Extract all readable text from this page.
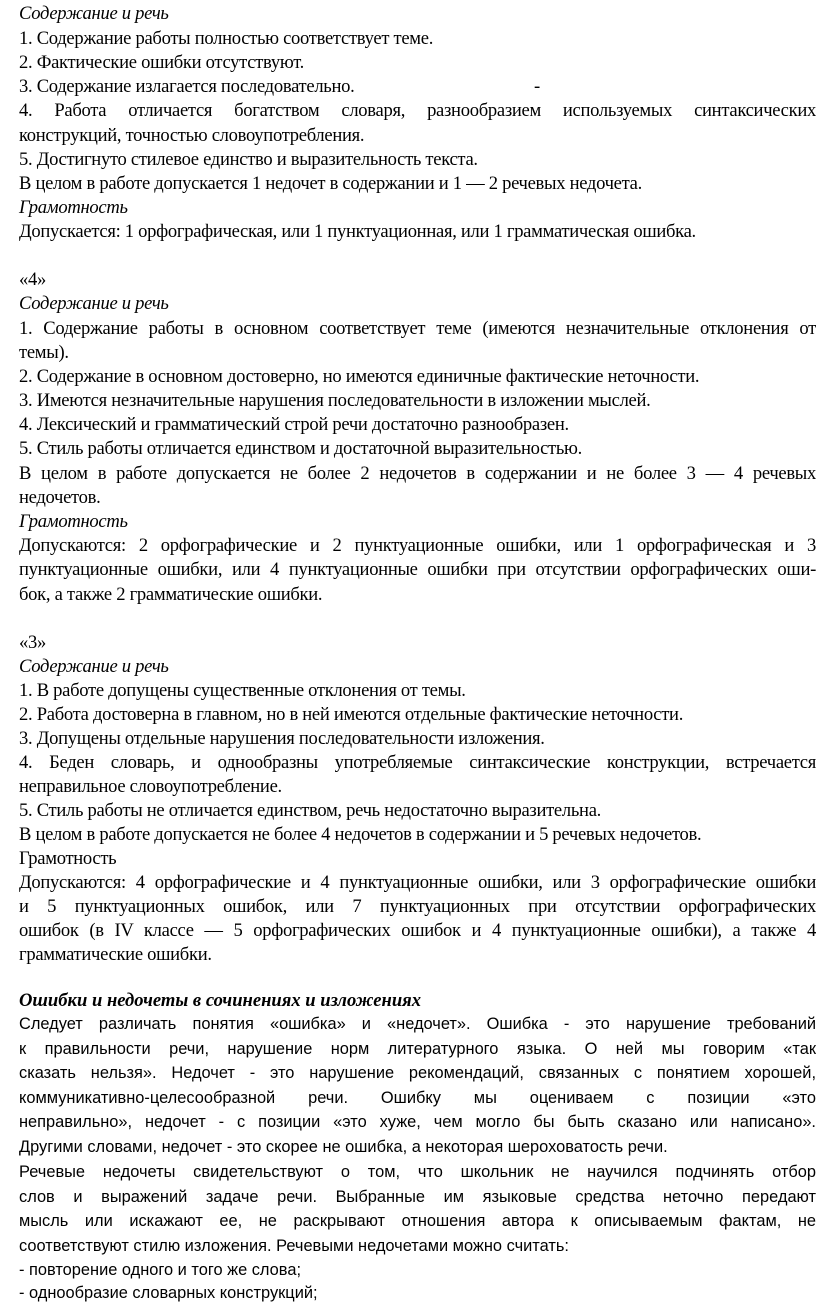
Содержание и речь
1. Содержание работы полностью соответствует теме.
2. Фактические ошибки отсутствуют.
3. Содержание излагается последовательно.	-
4. Работа отличается богатством словаря, разнообразием используемых синтаксических
конструкций, точностью словоупотребления.
5. Достигнуто стилевое единство и выразительность текста.
В целом в работе допускается 1 недочет в содержании и 1 — 2 речевых недочета.
Грамотность
Допускается: 1 орфографическая, или 1 пунктуационная, или 1 грамматическая ошибка.
«4»
Содержание и речь
1. Содержание работы в основном соответствует теме (имеются незначительные отклонения от
темы).
2. Содержание в основном достоверно, но имеются единичные фактические неточности.
3. Имеются незначительные нарушения последовательности в изложении мыслей.
4. Лексический и грамматический строй речи достаточно разнообразен.
5. Стиль работы отличается единством и достаточной выразительностью.
В целом в работе допускается не более 2 недочетов в содержании и не более 3 — 4 речевых
недочетов.
Грамотность
Допускаются: 2 орфографические и 2 пунктуационные ошибки, или 1 орфографическая и 3
пунктуационные ошибки, или 4 пунктуационные ошибки при отсутствии орфографических оши-
бок, а также 2 грамматические ошибки.
«3»
Содержание и речь
1. В работе допущены существенные отклонения от темы.
2. Работа достоверна в главном, но в ней имеются отдельные фактические неточности.
3. Допущены отдельные нарушения последовательности изложения.
4. Беден словарь, и однообразны употребляемые синтаксические конструкции, встречается
неправильное словоупотребление.
5. Стиль работы не отличается единством, речь недостаточно выразительна.
В целом в работе допускается не более 4 недочетов в содержании и 5 речевых недочетов.
Грамотность
Допускаются: 4 орфографические и 4 пунктуационные ошибки, или 3 орфографические ошибки
и 5 пунктуационных ошибок, или 7 пунктуационных при отсутствии орфографических
ошибок (в IV классе — 5 орфографических ошибок и 4 пунктуационные ошибки), а также 4
грамматические ошибки.
Ошибки и недочеты в сочинениях и изложениях
Следует различать понятия «ошибка» и «недочет». Ошибка - это нарушение требований
к правильности речи, нарушение норм литературного языка. О ней мы говорим «так
сказать нельзя». Недочет - это нарушение рекомендаций, связанных с понятием хорошей,
коммуникативно-целесообразной речи. Ошибку мы оцениваем с позиции «это
неправильно», недочет - с позиции «это хуже, чем могло бы быть сказано или написано».
Другими словами, недочет - это скорее не ошибка, а некоторая шероховатость речи.
Речевые недочеты свидетельствуют о том, что школьник не научился подчинять отбор
слов и выражений задаче речи. Выбранные им языковые средства неточно передают
мысль или искажают ее, не раскрывают отношения автора к описываемым фактам, не
соответствуют стилю изложения. Речевыми недочетами можно считать:
- повторение одного и того же слова;
- однообразие словарных конструкций;
